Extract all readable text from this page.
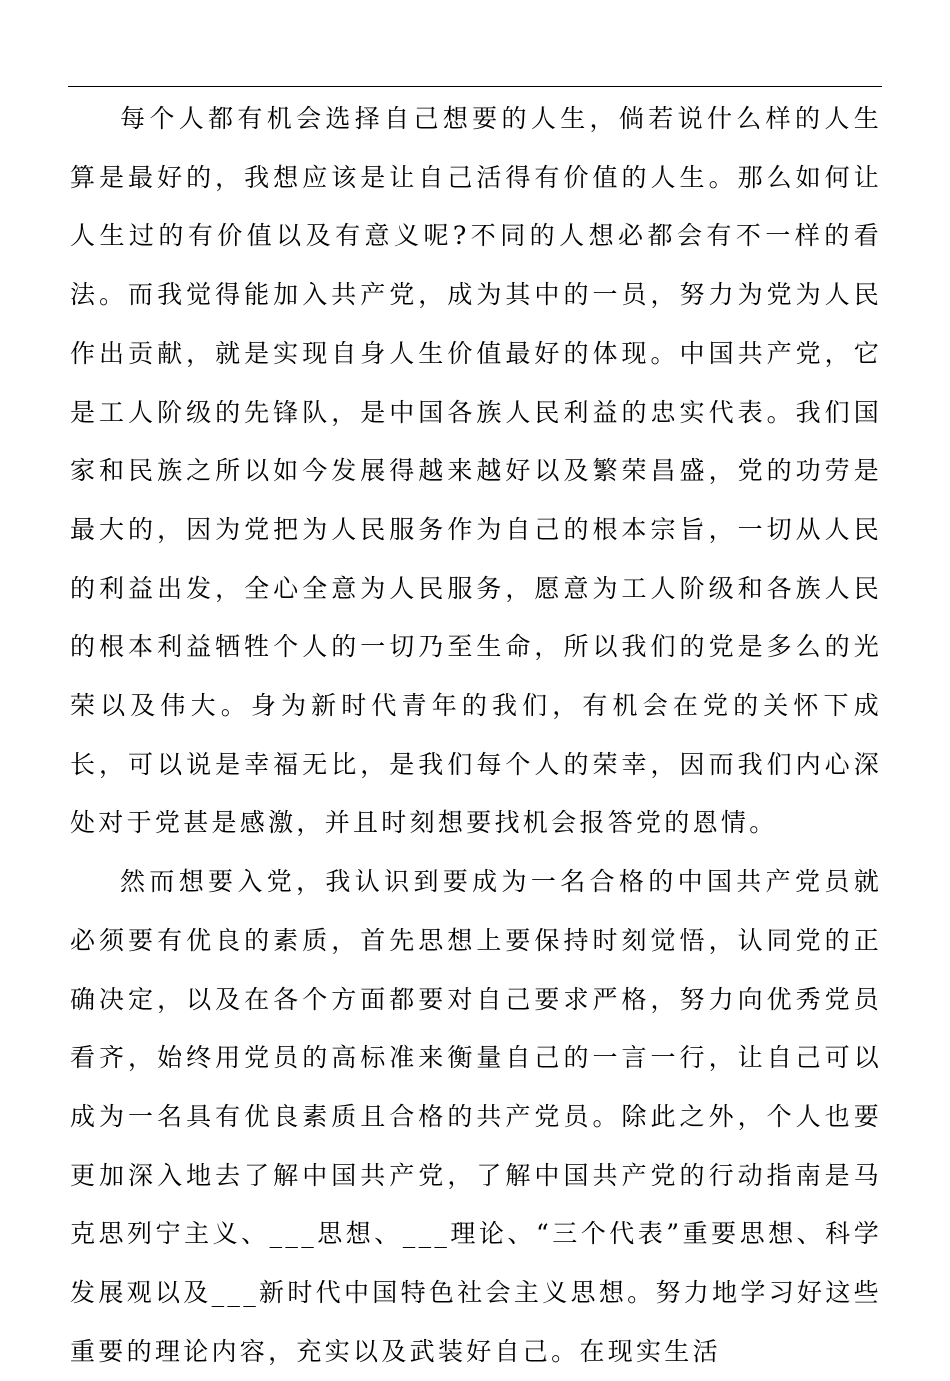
每个人都有机会选择自己想要的人生，倘若说什么样的人生算是最好的，我想应该是让自己活得有价值的人生。那么如何让人生过的有价值以及有意义呢?不同的人想必都会有不一样的看法。而我觉得能加入共产党，成为其中的一员，努力为党为人民作出贡献，就是实现自身人生价值最好的体现。中国共产党，它是工人阶级的先锋队，是中国各族人民利益的忠实代表。我们国家和民族之所以如今发展得越来越好以及繁荣昌盛，党的功劳是最大的，因为党把为人民服务作为自己的根本宗旨，一切从人民的利益出发，全心全意为人民服务，愿意为工人阶级和各族人民的根本利益牺牲个人的一切乃至生命，所以我们的党是多么的光荣以及伟大。身为新时代青年的我们，有机会在党的关怀下成长，可以说是幸福无比，是我们每个人的荣幸，因而我们内心深处对于党甚是感激，并且时刻想要找机会报答党的恩情。

然而想要入党，我认识到要成为一名合格的中国共产党员就必须要有优良的素质，首先思想上要保持时刻觉悟，认同党的正确决定，以及在各个方面都要对自己要求严格，努力向优秀党员看齐，始终用党员的高标准来衡量自己的一言一行，让自己可以成为一名具有优良素质且合格的共产党员。除此之外，个人也要更加深入地去了解中国共产党，了解中国共产党的行动指南是马克思列宁主义、___思想、___理论、“三个代表”重要思想、科学发展观以及___新时代中国特色社会主义思想。努力地学习好这些重要的理论内容，充实以及武装好自己。在现实生活
